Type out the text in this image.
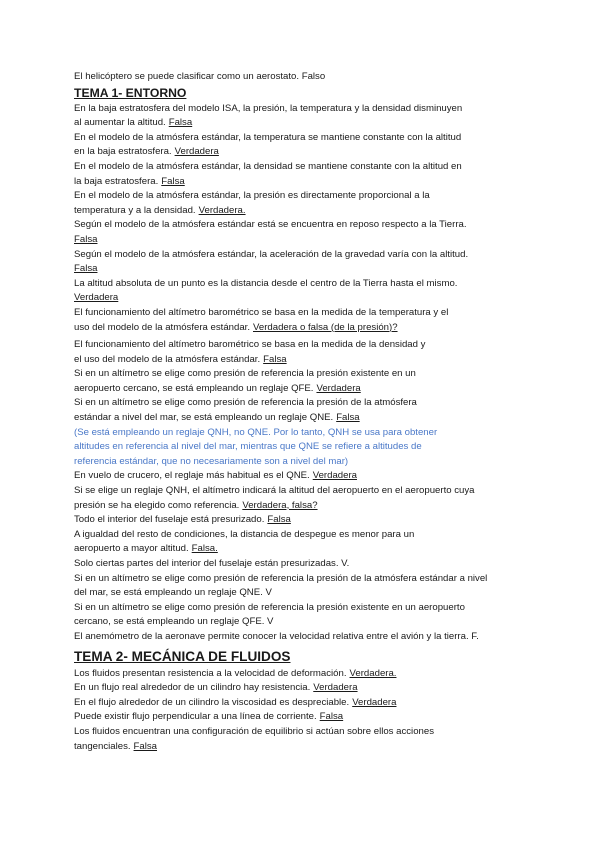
El helicóptero se puede clasificar como un aerostato. Falso
TEMA 1- ENTORNO
En la baja estratosfera del modelo ISA, la presión, la temperatura y la densidad disminuyen
al aumentar la altitud. Falsa
En el modelo de la atmósfera estándar, la temperatura se mantiene constante con la altitud
en la baja estratosfera. Verdadera
En el modelo de la atmósfera estándar, la densidad se mantiene constante con la altitud en
la baja estratosfera. Falsa
En el modelo de la atmósfera estándar, la presión es directamente proporcional a la
temperatura y a la densidad. Verdadera.
Según el modelo de la atmósfera estándar está se encuentra en reposo respecto a la Tierra.
Falsa
Según el modelo de la atmósfera estándar, la aceleración de la gravedad varía con la altitud.
Falsa
La altitud absoluta de un punto es la distancia desde el centro de la Tierra hasta el mismo.
Verdadera
El funcionamiento del altímetro barométrico se basa en la medida de la temperatura y el
uso del modelo de la atmósfera estándar. Verdadera o falsa (de la presión)?
El funcionamiento del altímetro barométrico se basa en la medida de la densidad y
el uso del modelo de la atmósfera estándar. Falsa
Si en un altímetro se elige como presión de referencia la presión existente en un
aeropuerto cercano, se está empleando un reglaje QFE. Verdadera
Si en un altímetro se elige como presión de referencia la presión de la atmósfera
estándar a nivel del mar, se está empleando un reglaje QNE. Falsa
(Se está empleando un reglaje QNH, no QNE. Por lo tanto, QNH se usa para obtener
altitudes en referencia al nivel del mar, mientras que QNE se refiere a altitudes de
referencia estándar, que no necesariamente son a nivel del mar)
En vuelo de crucero, el reglaje más habitual es el QNE. Verdadera
Si se elige un reglaje QNH, el altímetro indicará la altitud del aeropuerto en el aeropuerto cuya
presión se ha elegido como referencia. Verdadera, falsa?
Todo el interior del fuselaje está presurizado. Falsa
A igualdad del resto de condiciones, la distancia de despegue es menor para un
aeropuerto a mayor altitud. Falsa.
Solo ciertas partes del interior del fuselaje están presurizadas. V.
Si en un altímetro se elige como presión de referencia la presión de la atmósfera estándar a nivel
del mar, se está empleando un reglaje QNE. V
Si en un altímetro se elige como presión de referencia la presión existente en un aeropuerto
cercano, se está empleando un reglaje QFE. V
El anemómetro de la aeronave permite conocer la velocidad relativa entre el avión y la tierra. F.
TEMA 2- MECÁNICA DE FLUIDOS
Los fluidos presentan resistencia a la velocidad de deformación. Verdadera.
En un flujo real alrededor de un cilindro hay resistencia. Verdadera
En el flujo alrededor de un cilindro la viscosidad es despreciable. Verdadera
Puede existir flujo perpendicular a una línea de corriente. Falsa
Los fluidos encuentran una configuración de equilibrio si actúan sobre ellos acciones
tangenciales. Falsa
